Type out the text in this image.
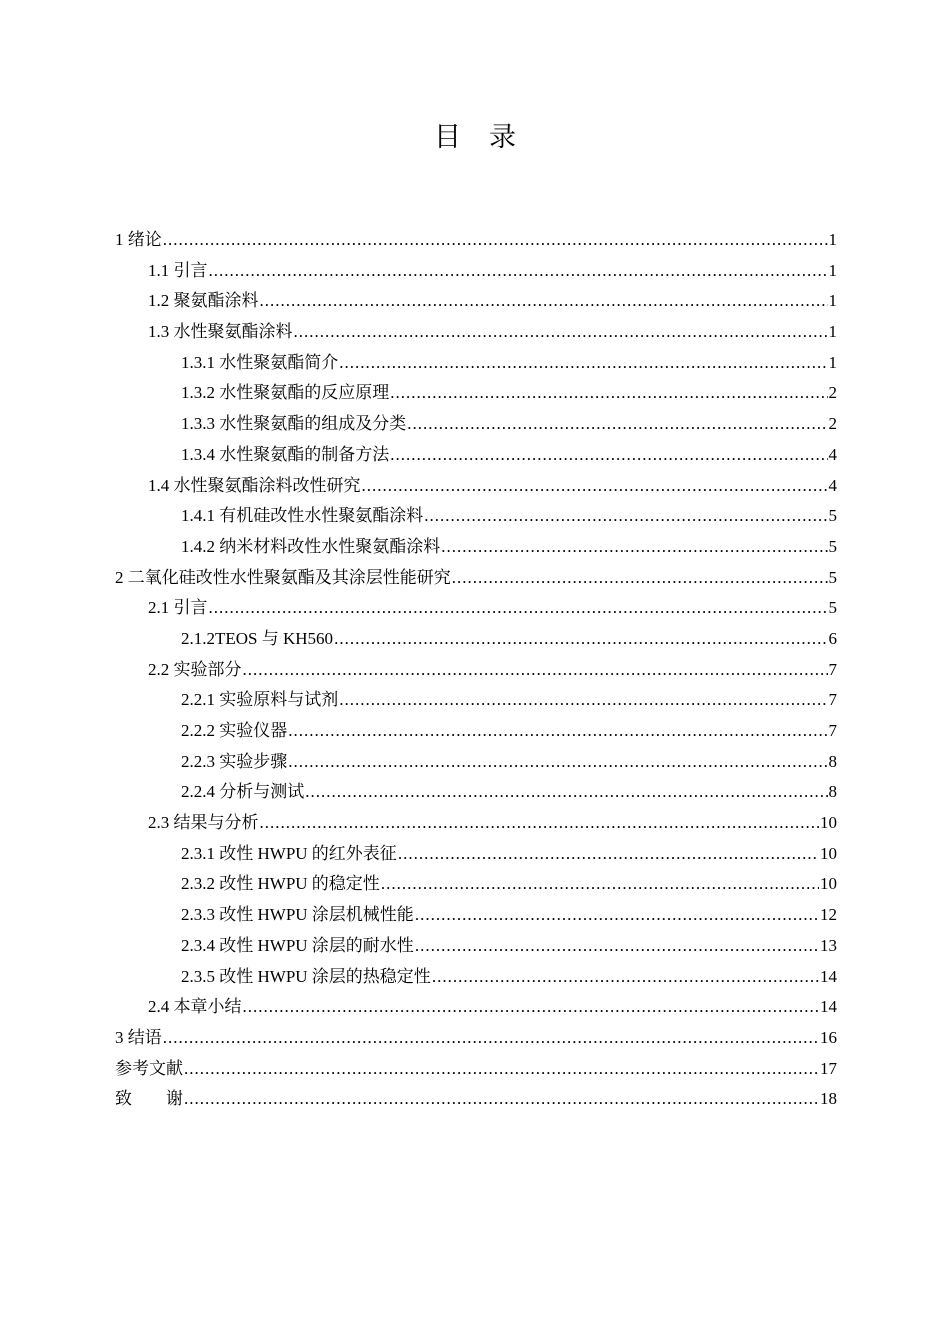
目录
1 绪论 .....	1
1.1 引言 .....	1
1.2 聚氨酯涂料 .....	1
1.3 水性聚氨酯涂料 .....	1
1.3.1 水性聚氨酯简介 .....	1
1.3.2 水性聚氨酯的反应原理 .....	2
1.3.3 水性聚氨酯的组成及分类 .....	2
1.3.4 水性聚氨酯的制备方法 .....	4
1.4 水性聚氨酯涂料改性研究 .....	4
1.4.1 有机硅改性水性聚氨酯涂料 .....	5
1.4.2 纳米材料改性水性聚氨酯涂料 .....	5
2 二氧化硅改性水性聚氨酯及其涂层性能研究 .....	5
2.1 引言 .....	5
2.1.2TEOS 与 KH560 .....	6
2.2 实验部分 .....	7
2.2.1 实验原料与试剂 .....	7
2.2.2 实验仪器 .....	7
2.2.3 实验步骤 .....	8
2.2.4 分析与测试 .....	8
2.3 结果与分析 .....	10
2.3.1 改性 HWPU 的红外表征 .....	10
2.3.2 改性 HWPU 的稳定性 .....	10
2.3.3 改性 HWPU 涂层机械性能 .....	12
2.3.4 改性 HWPU 涂层的耐水性 .....	13
2.3.5 改性 HWPU 涂层的热稳定性 .....	14
2.4 本章小结 .....	14
3 结语 .....	16
参考文献 .....	17
致　　谢 .....	18
